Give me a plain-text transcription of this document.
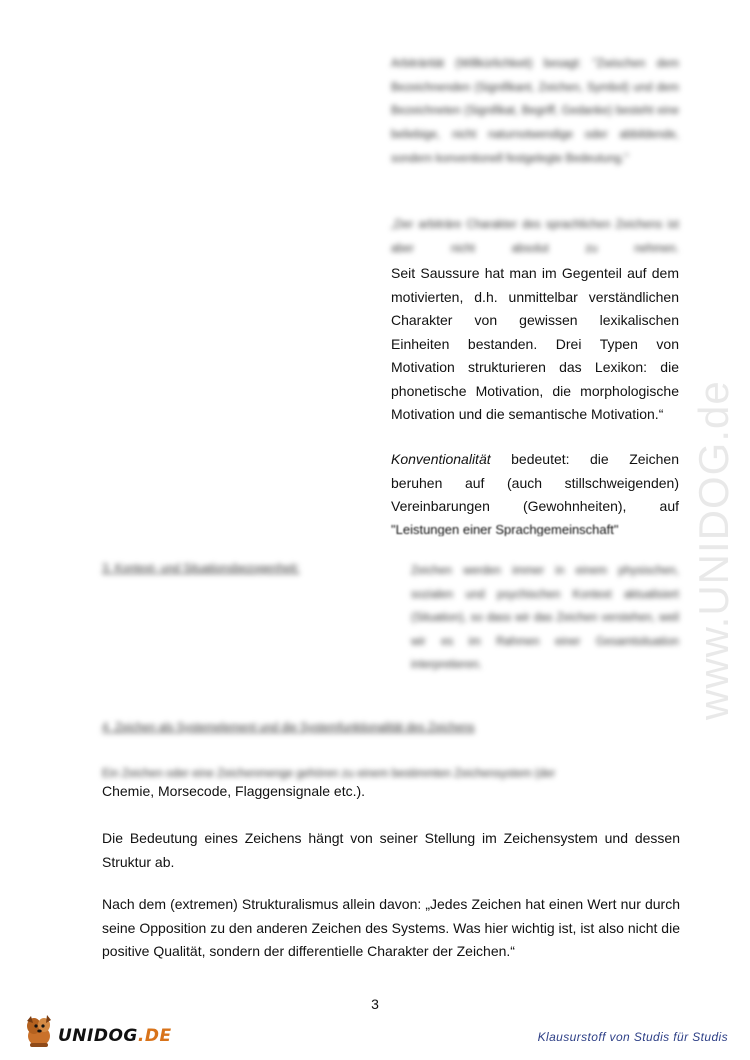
www.UNIDOG.de

Arbiträrität (Willkürlichkeit) besagt: "Zwischen dem Bezeichnenden (Signifikant, Zeichen, Symbol) und dem Bezeichneten (Signifikat, Begriff, Gedanke) besteht eine beliebige, nicht naturnotwendige oder abbildende, sondern konventionell festgelegte Bedeutung."

„Der arbiträre Charakter des sprachlichen Zeichens ist aber nicht absolut zu nehmen.

Seit Saussure hat man im Gegenteil auf dem motivierten, d.h. unmittelbar verständlichen Charakter von gewissen lexikalischen Einheiten bestanden. Drei Typen von Motivation strukturieren das Lexikon: die phonetische Motivation, die morphologische Motivation und die semantische Motivation.“

Konventionalität bedeutet: die Zeichen beruhen auf (auch stillschweigenden) Vereinbarungen (Gewohnheiten), auf

"Leistungen einer Sprachgemeinschaft"
3. Kontext- und Situationsbezogenheit:	Zeichen werden immer in einem physischen, sozialen und psychischen Kontext aktualisiert (Situation), so dass wir das Zeichen verstehen, weil wir es im Rahmen einer Gesamtsituation interpretieren.

4. Zeichen als Systemelement und die Systemfunktionalität des Zeichens
Ein Zeichen oder eine Zeichenmenge gehören zu einem bestimmten Zeichensystem (der
Chemie, Morsecode, Flaggensignale etc.).
Die Bedeutung eines Zeichens hängt von seiner Stellung im Zeichensystem und dessen Struktur ab.
Nach dem (extremen) Strukturalismus allein davon: „Jedes Zeichen hat einen Wert nur durch seine Opposition zu den anderen Zeichen des Systems. Was hier wichtig ist, ist also nicht die positive Qualität, sondern der differentielle Charakter der Zeichen.“
3
UNIDOG.DE	Klausurstoff von Studis für Studis
